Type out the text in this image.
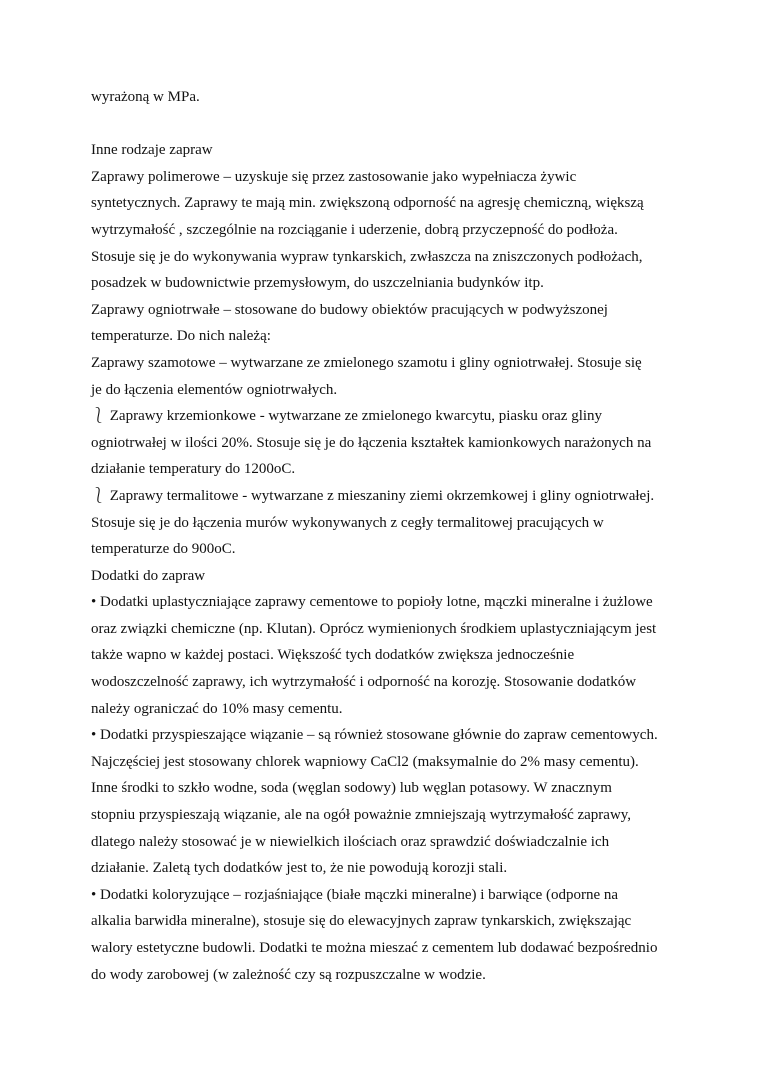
wyrażoną w MPa.
Inne rodzaje zapraw
Zaprawy polimerowe – uzyskuje się przez zastosowanie jako wypełniacza żywic
syntetycznych. Zaprawy te mają min. zwiększoną odporność na agresję chemiczną, większą
wytrzymałość , szczególnie na rozciąganie i uderzenie, dobrą przyczepność do podłoża.
Stosuje się je do wykonywania wypraw tynkarskich, zwłaszcza na zniszczonych podłożach,
posadzek w budownictwie przemysłowym, do uszczelniania budynków itp.
Zaprawy ogniotrwałe – stosowane do budowy obiektów pracujących w podwyższonej
temperaturze. Do nich należą:
Zaprawy szamotowe – wytwarzane ze zmielonego szamotu i gliny ogniotrwałej. Stosuje się
je do łączenia elementów ogniotrwałych.
⎱ Zaprawy krzemionkowe - wytwarzane ze zmielonego kwarcytu, piasku oraz gliny
ogniotrwałej w ilości 20%. Stosuje się je do łączenia kształtek kamionkowych narażonych na
działanie temperatury do 1200oC.
⎱ Zaprawy termalitowe - wytwarzane z mieszaniny ziemi okrzemkowej i gliny ogniotrwałej.
Stosuje się je do łączenia murów wykonywanych z cegły termalitowej pracujących w
temperaturze do 900oC.
Dodatki do zapraw
• Dodatki uplastyczniające zaprawy cementowe to popioły lotne, mączki mineralne i żużlowe
oraz związki chemiczne (np. Klutan). Oprócz wymienionych środkiem uplastyczniającym jest
także wapno w każdej postaci. Większość tych dodatków zwiększa jednocześnie
wodoszczelność zaprawy, ich wytrzymałość i odporność na korozję. Stosowanie dodatków
należy ograniczać do 10% masy cementu.
• Dodatki przyspieszające wiązanie – są również stosowane głównie do zapraw cementowych.
Najczęściej jest stosowany chlorek wapniowy CaCl2 (maksymalnie do 2% masy cementu).
Inne środki to szkło wodne, soda (węglan sodowy) lub węglan potasowy. W znacznym
stopniu przyspieszają wiązanie, ale na ogół poważnie zmniejszają wytrzymałość zaprawy,
dlatego należy stosować je w niewielkich ilościach oraz sprawdzić doświadczalnie ich
działanie. Zaletą tych dodatków jest to, że nie powodują korozji stali.
• Dodatki koloryzujące – rozjaśniające (białe mączki mineralne) i barwiące (odporne na
alkalia barwidła mineralne), stosuje się do elewacyjnych zapraw tynkarskich, zwiększając
walory estetyczne budowli. Dodatki te można mieszać z cementem lub dodawać bezpośrednio
do wody zarobowej (w zależność czy są rozpuszczalne w wodzie.
